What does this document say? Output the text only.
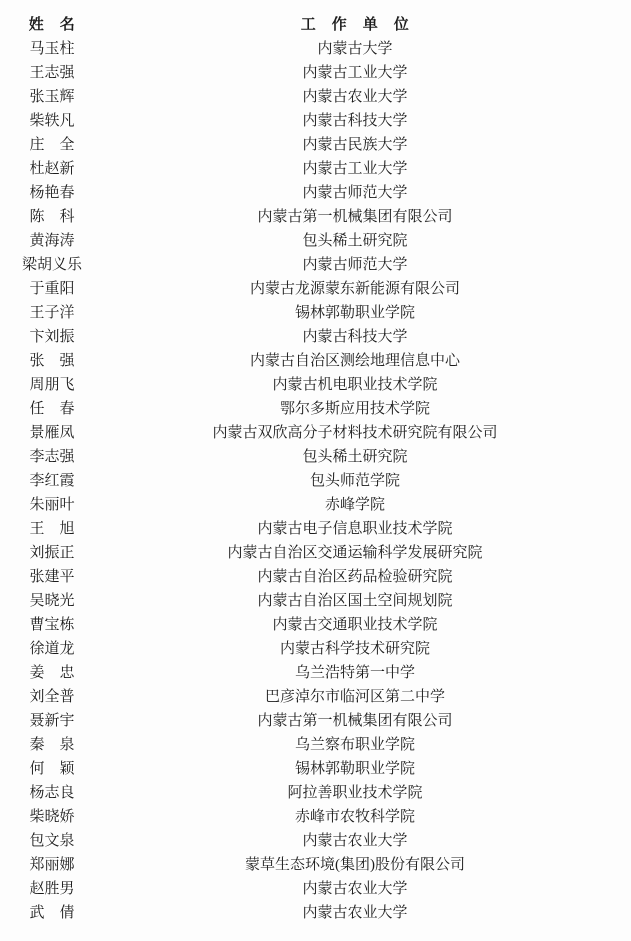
姓　名	工　作　单　位
马玉柱	内蒙古大学
王志强	内蒙古工业大学
张玉辉	内蒙古农业大学
柴轶凡	内蒙古科技大学
庄　全	内蒙古民族大学
杜赵新	内蒙古工业大学
杨艳春	内蒙古师范大学
陈　科	内蒙古第一机械集团有限公司
黄海涛	包头稀土研究院
梁胡义乐	内蒙古师范大学
于重阳	内蒙古龙源蒙东新能源有限公司
王子洋	锡林郭勒职业学院
卞刘振	内蒙古科技大学
张　强	内蒙古自治区测绘地理信息中心
周朋飞	内蒙古机电职业技术学院
任　春	鄂尔多斯应用技术学院
景雁凤	内蒙古双欣高分子材料技术研究院有限公司
李志强	包头稀土研究院
李红霞	包头师范学院
朱丽叶	赤峰学院
王　旭	内蒙古电子信息职业技术学院
刘振正	内蒙古自治区交通运输科学发展研究院
张建平	内蒙古自治区药品检验研究院
吴晓光	内蒙古自治区国土空间规划院
曹宝栋	内蒙古交通职业技术学院
徐道龙	内蒙古科学技术研究院
姜　忠	乌兰浩特第一中学
刘全普	巴彦淖尔市临河区第二中学
聂新宇	内蒙古第一机械集团有限公司
秦　泉	乌兰察布职业学院
何　颖	锡林郭勒职业学院
杨志良	阿拉善职业技术学院
柴晓娇	赤峰市农牧科学院
包文泉	内蒙古农业大学
郑丽娜	蒙草生态环境(集团)股份有限公司
赵胜男	内蒙古农业大学
武　倩	内蒙古农业大学
